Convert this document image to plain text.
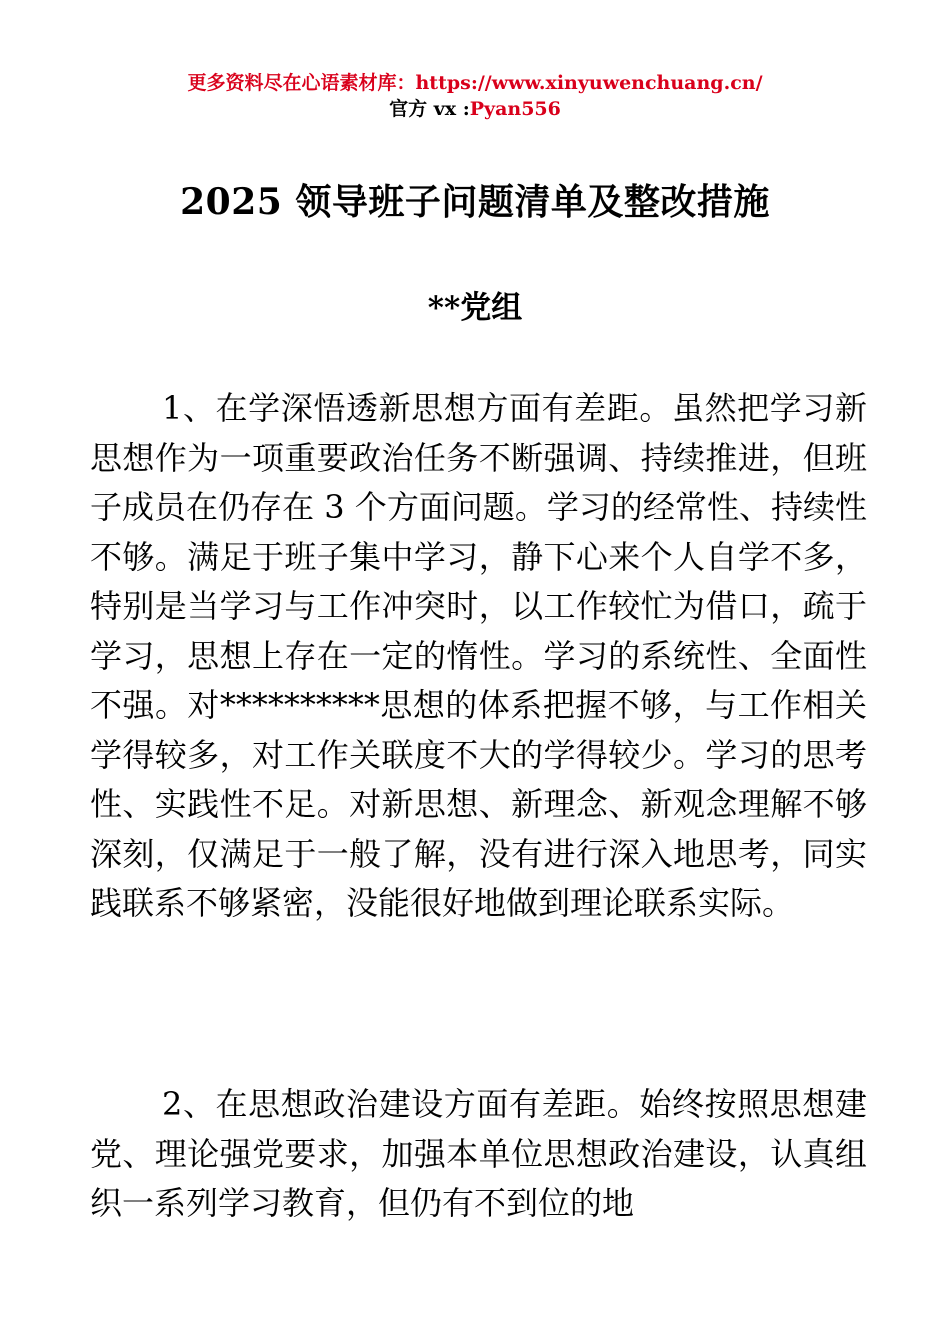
更多资料尽在心语素材库：https://www.xinyuwenchuang.cn/
官方 vx :Pyan556
2025 领导班子问题清单及整改措施
**党组

1、在学深悟透新思想方面有差距。虽然把学习新思想作为一项重要政治任务不断强调、持续推进，但班子成员在仍存在 3 个方面问题。学习的经常性、持续性不够。满足于班子集中学习，静下心来个人自学不多，特别是当学习与工作冲突时，以工作较忙为借口，疏于学习，思想上存在一定的惰性。学习的系统性、全面性不强。对**********思想的体系把握不够，与工作相关学得较多，对工作关联度不大的学得较少。学习的思考性、实践性不足。对新思想、新理念、新观念理解不够深刻，仅满足于一般了解，没有进行深入地思考，同实践联系不够紧密，没能很好地做到理论联系实际。

2、在思想政治建设方面有差距。始终按照思想建党、理论强党要求，加强本单位思想政治建设，认真组织一系列学习教育，但仍有不到位的地
